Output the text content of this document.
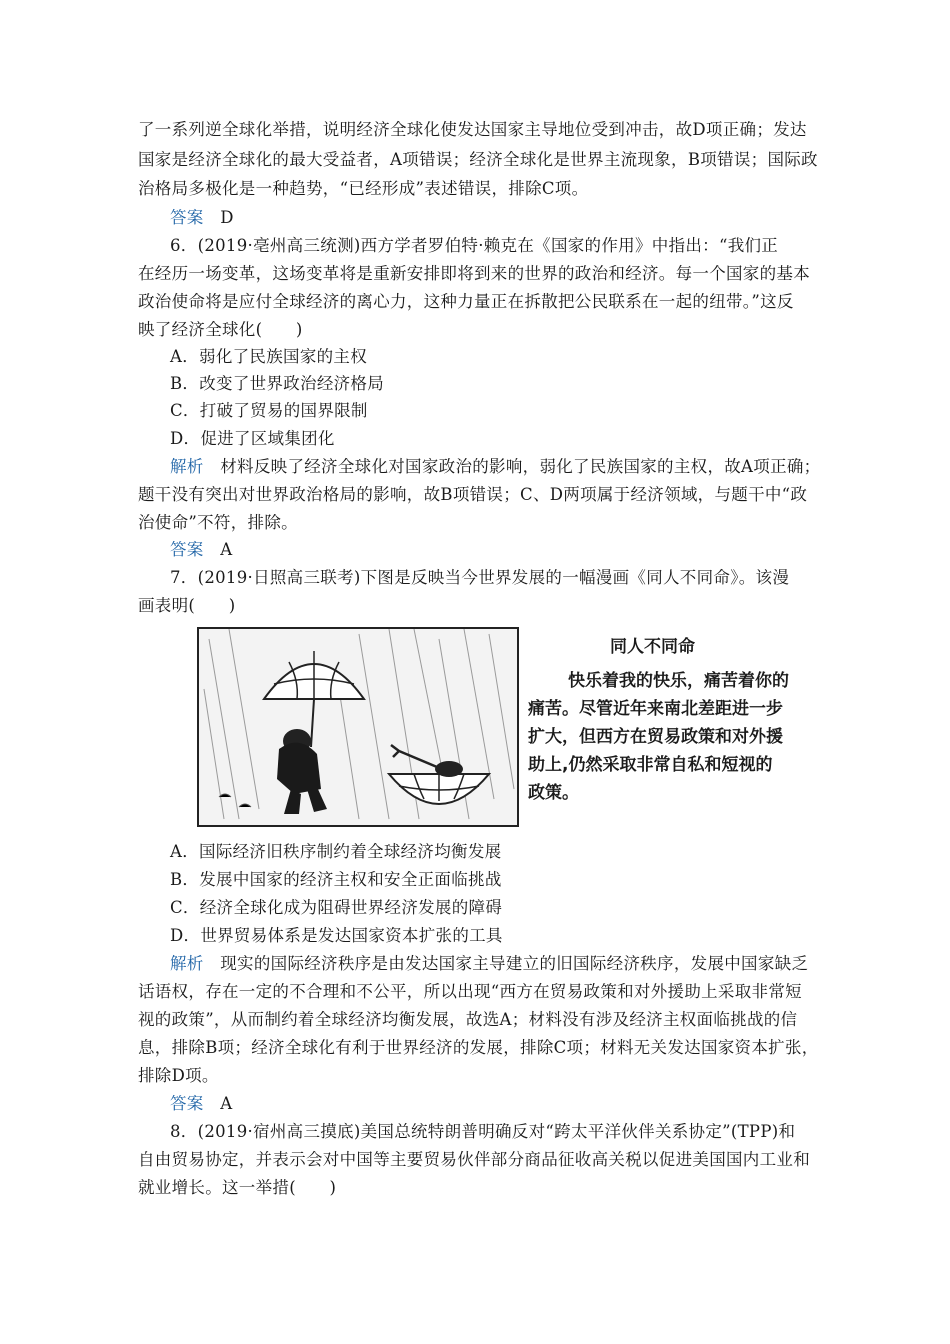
了一系列逆全球化举措，说明经济全球化使发达国家主导地位受到冲击，故D项正确；发达
国家是经济全球化的最大受益者，A项错误；经济全球化是世界主流现象，B项错误；国际政
治格局多极化是一种趋势，“已经形成”表述错误，排除C项。
答案 D
6．(2019·亳州高三统测)西方学者罗伯特·赖克在《国家的作用》中指出：“我们正
在经历一场变革，这场变革将是重新安排即将到来的世界的政治和经济。每一个国家的基本
政治使命将是应付全球经济的离心力，这种力量正在拆散把公民联系在一起的纽带。”这反
映了经济全球化(　　)
A．弱化了民族国家的主权
B．改变了世界政治经济格局
C．打破了贸易的国界限制
D．促进了区域集团化
解析 材料反映了经济全球化对国家政治的影响，弱化了民族国家的主权，故A项正确；
题干没有突出对世界政治格局的影响，故B项错误；C、D两项属于经济领域，与题干中“政
治使命”不符，排除。
答案 A
7．(2019·日照高三联考)下图是反映当今世界发展的一幅漫画《同人不同命》。该漫
画表明(　　)
同人不同命
快乐着我的快乐，痛苦着你的
痛苦。尽管近年来南北差距进一步
扩大，但西方在贸易政策和对外援
助上,仍然采取非常自私和短视的
政策。
A．国际经济旧秩序制约着全球经济均衡发展
B．发展中国家的经济主权和安全正面临挑战
C．经济全球化成为阻碍世界经济发展的障碍
D．世界贸易体系是发达国家资本扩张的工具
解析 现实的国际经济秩序是由发达国家主导建立的旧国际经济秩序，发展中国家缺乏
话语权，存在一定的不合理和不公平，所以出现“西方在贸易政策和对外援助上采取非常短
视的政策”，从而制约着全球经济均衡发展，故选A；材料没有涉及经济主权面临挑战的信
息，排除B项；经济全球化有利于世界经济的发展，排除C项；材料无关发达国家资本扩张，
排除D项。
答案 A
8．(2019·宿州高三摸底)美国总统特朗普明确反对“跨太平洋伙伴关系协定”(TPP)和
自由贸易协定，并表示会对中国等主要贸易伙伴部分商品征收高关税以促进美国国内工业和
就业增长。这一举措(　　)
